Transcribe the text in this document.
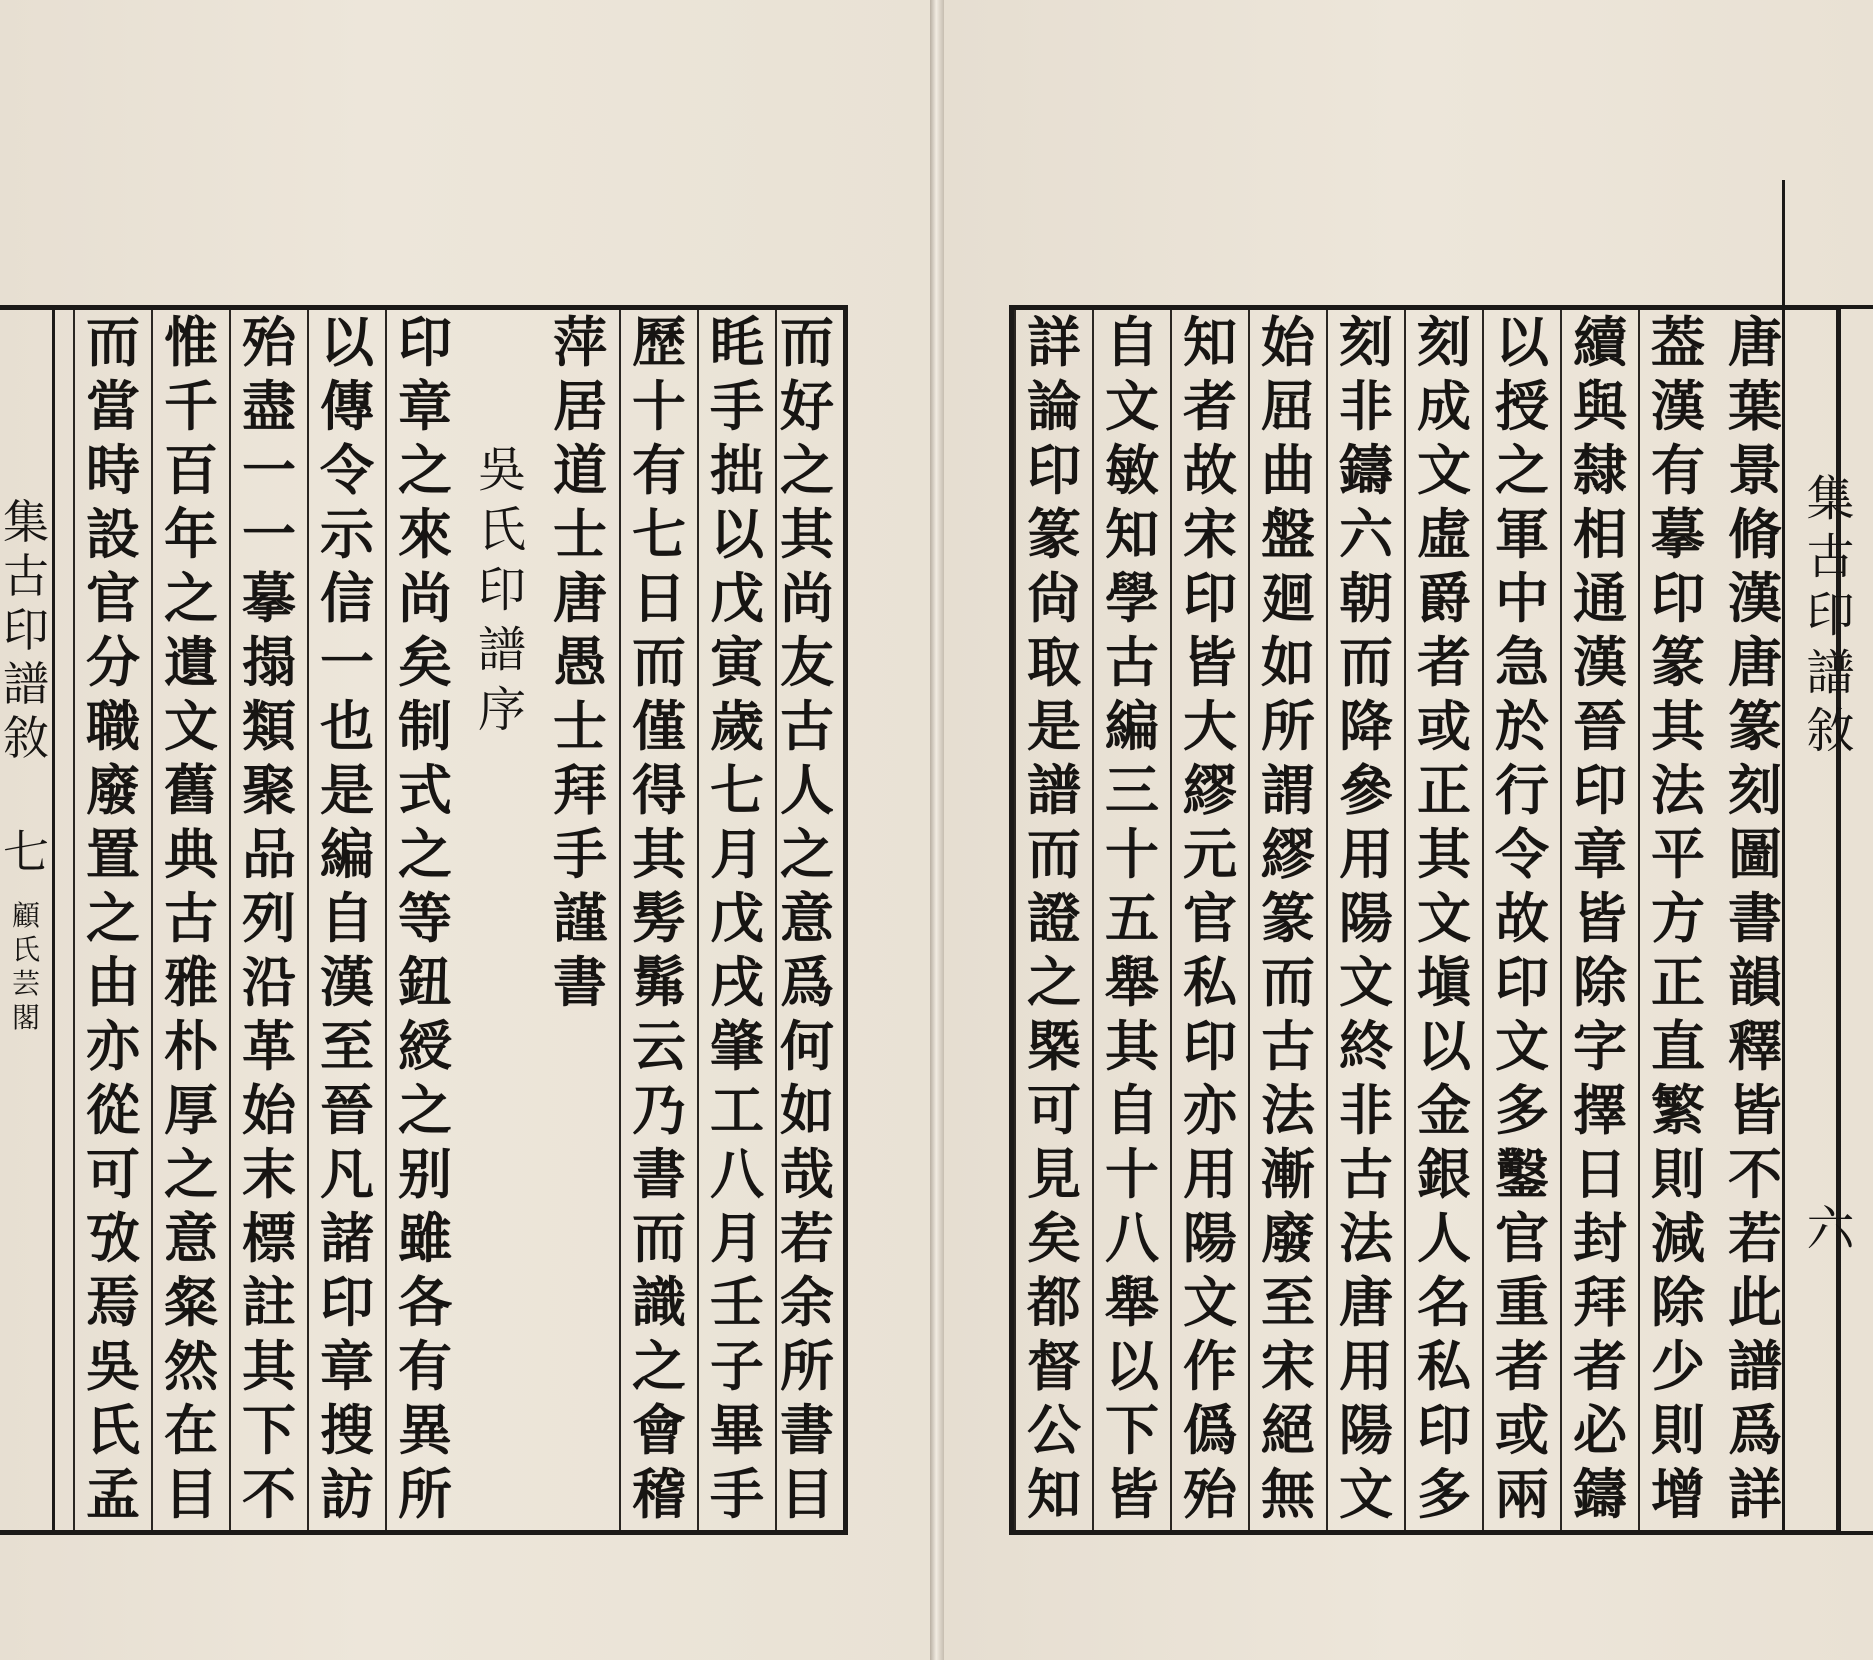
集
古
印
譜
敘
七
顧
氏
芸
閣
而
好
之
其
尚
友
古
人
之
意
爲
何
如
哉
若
余
所
書
目
眊
手
拙
以
戊
寅
歲
七
月
戊
戌
肇
工
八
月
壬
子
畢
手
歷
十
有
七
日
而
僅
得
其
髣
髴
云
乃
書
而
識
之
會
稽
萍
居
道
士
唐
愚
士
拜
手
謹
書
吳
氏
印
譜
序
印
章
之
來
尚
矣
制
式
之
等
鈕
綬
之
别
雖
各
有
異
所
以
傳
令
示
信
一
也
是
編
自
漢
至
晉
凡
諸
印
章
搜
訪
殆
盡
一
一
摹
搨
類
聚
品
列
沿
革
始
末
標
註
其
下
不
惟
千
百
年
之
遺
文
舊
典
古
雅
朴
厚
之
意
粲
然
在
目
而
當
時
設
官
分
職
廢
置
之
由
亦
從
可
攷
焉
吳
氏
孟
唐
葉
景
脩
漢
唐
篆
刻
圖
書
韻
釋
皆
不
若
此
譜
爲
詳
葢
漢
有
摹
印
篆
其
法
平
方
正
直
繁
則
減
除
少
則
增
續
與
隸
相
通
漢
晉
印
章
皆
除
字
擇
日
封
拜
者
必
鑄
以
授
之
軍
中
急
於
行
令
故
印
文
多
鑿
官
重
者
或
兩
刻
成
文
虛
爵
者
或
正
其
文
塡
以
金
銀
人
名
私
印
多
刻
非
鑄
六
朝
而
降
參
用
陽
文
終
非
古
法
唐
用
陽
文
始
屈
曲
盤
廻
如
所
謂
繆
篆
而
古
法
漸
廢
至
宋
絕
無
知
者
故
宋
印
皆
大
繆
元
官
私
印
亦
用
陽
文
作
僞
殆
自
文
敏
知
學
古
編
三
十
五
舉
其
自
十
八
舉
以
下
皆
詳
論
印
篆
尙
取
是
譜
而
證
之
槩
可
見
矣
都
督
公
知
集
古
印
譜
敘
六
